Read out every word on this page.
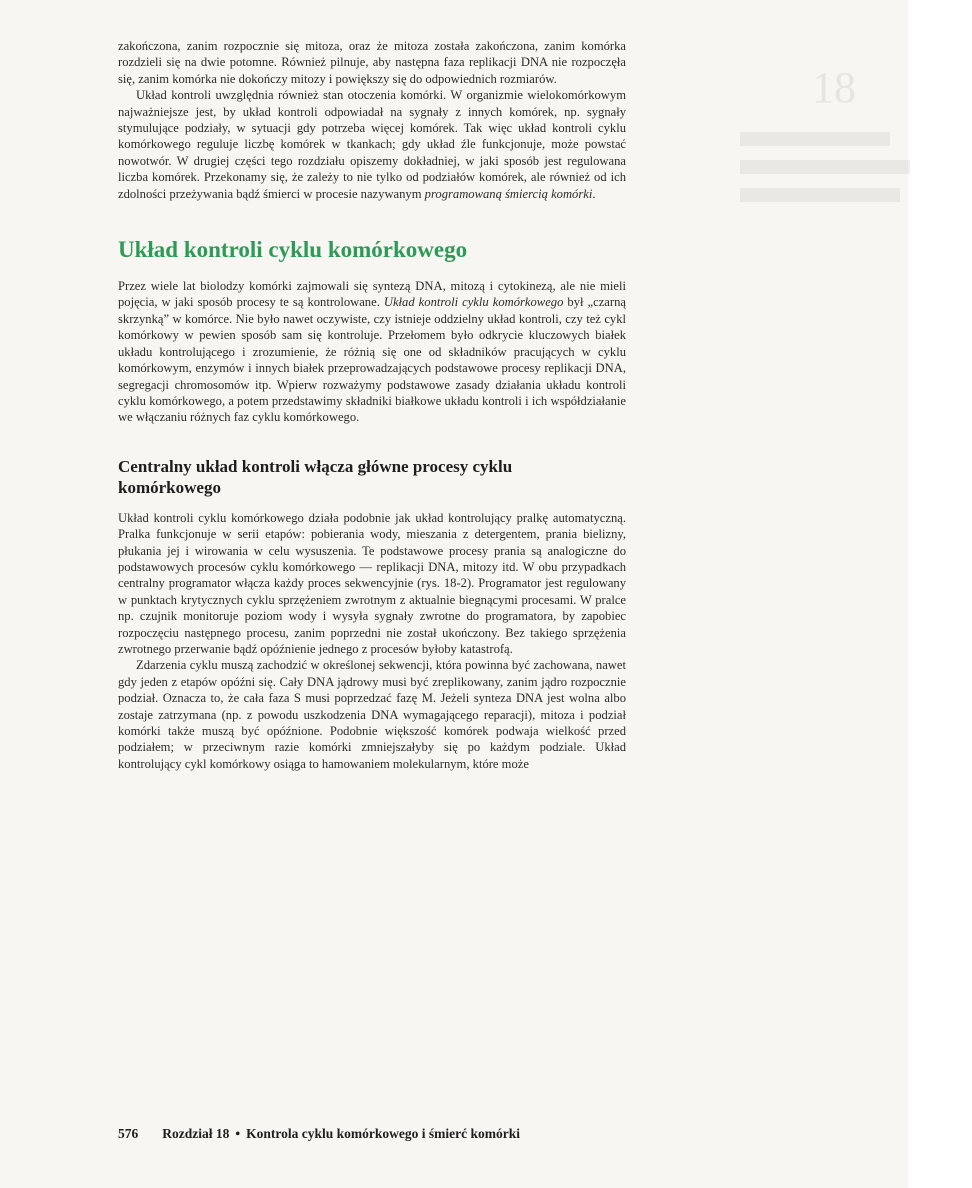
18

zakończona, zanim rozpocznie się mitoza, oraz że mitoza została zakończona, zanim komórka rozdzieli się na dwie potomne. Również pilnuje, aby następna faza replikacji DNA nie rozpoczęła się, zanim komórka nie dokończy mitozy i powiększy się do odpowiednich rozmiarów.

Układ kontroli uwzględnia również stan otoczenia komórki. W organizmie wielokomórkowym najważniejsze jest, by układ kontroli odpowiadał na sygnały z innych komórek, np. sygnały stymulujące podziały, w sytuacji gdy potrzeba więcej komórek. Tak więc układ kontroli cyklu komórkowego reguluje liczbę komórek w tkankach; gdy układ źle funkcjonuje, może powstać nowotwór. W drugiej części tego rozdziału opiszemy dokładniej, w jaki sposób jest regulowana liczba komórek. Przekonamy się, że zależy to nie tylko od podziałów komórek, ale również od ich zdolności przeżywania bądź śmierci w procesie nazywanym programowaną śmiercią komórki.

Układ kontroli cyklu komórkowego

Przez wiele lat biolodzy komórki zajmowali się syntezą DNA, mitozą i cytokinezą, ale nie mieli pojęcia, w jaki sposób procesy te są kontrolowane. Układ kontroli cyklu komórkowego był „czarną skrzynką” w komórce. Nie było nawet oczywiste, czy istnieje oddzielny układ kontroli, czy też cykl komórkowy w pewien sposób sam się kontroluje. Przełomem było odkrycie kluczowych białek układu kontrolującego i zrozumienie, że różnią się one od składników pracujących w cyklu komórkowym, enzymów i innych białek przeprowadzających podstawowe procesy replikacji DNA, segregacji chromosomów itp. Wpierw rozważymy podstawowe zasady działania układu kontroli cyklu komórkowego, a potem przedstawimy składniki białkowe układu kontroli i ich współdziałanie we włączaniu różnych faz cyklu komórkowego.

Centralny układ kontroli włącza główne procesy cyklu komórkowego

Układ kontroli cyklu komórkowego działa podobnie jak układ kontrolujący pralkę automatyczną. Pralka funkcjonuje w serii etapów: pobierania wody, mieszania z detergentem, prania bielizny, płukania jej i wirowania w celu wysuszenia. Te podstawowe procesy prania są analogiczne do podstawowych procesów cyklu komórkowego — replikacji DNA, mitozy itd. W obu przypadkach centralny programator włącza każdy proces sekwencyjnie (rys. 18-2). Programator jest regulowany w punktach krytycznych cyklu sprzężeniem zwrotnym z aktualnie biegnącymi procesami. W pralce np. czujnik monitoruje poziom wody i wysyła sygnały zwrotne do programatora, by zapobiec rozpoczęciu następnego procesu, zanim poprzedni nie został ukończony. Bez takiego sprzężenia zwrotnego przerwanie bądź opóźnienie jednego z procesów byłoby katastrofą.

Zdarzenia cyklu muszą zachodzić w określonej sekwencji, która powinna być zachowana, nawet gdy jeden z etapów opóźni się. Cały DNA jądrowy musi być zreplikowany, zanim jądro rozpocznie podział. Oznacza to, że cała faza S musi poprzedzać fazę M. Jeżeli synteza DNA jest wolna albo zostaje zatrzymana (np. z powodu uszkodzenia DNA wymagającego reparacji), mitoza i podział komórki także muszą być opóźnione. Podobnie większość komórek podwaja wielkość przed podziałem; w przeciwnym razie komórki zmniejszałyby się po każdym podziale. Układ kontrolujący cykl komórkowy osiąga to hamowaniem molekularnym, które może

576 Rozdział 18 • Kontrola cyklu komórkowego i śmierć komórki
